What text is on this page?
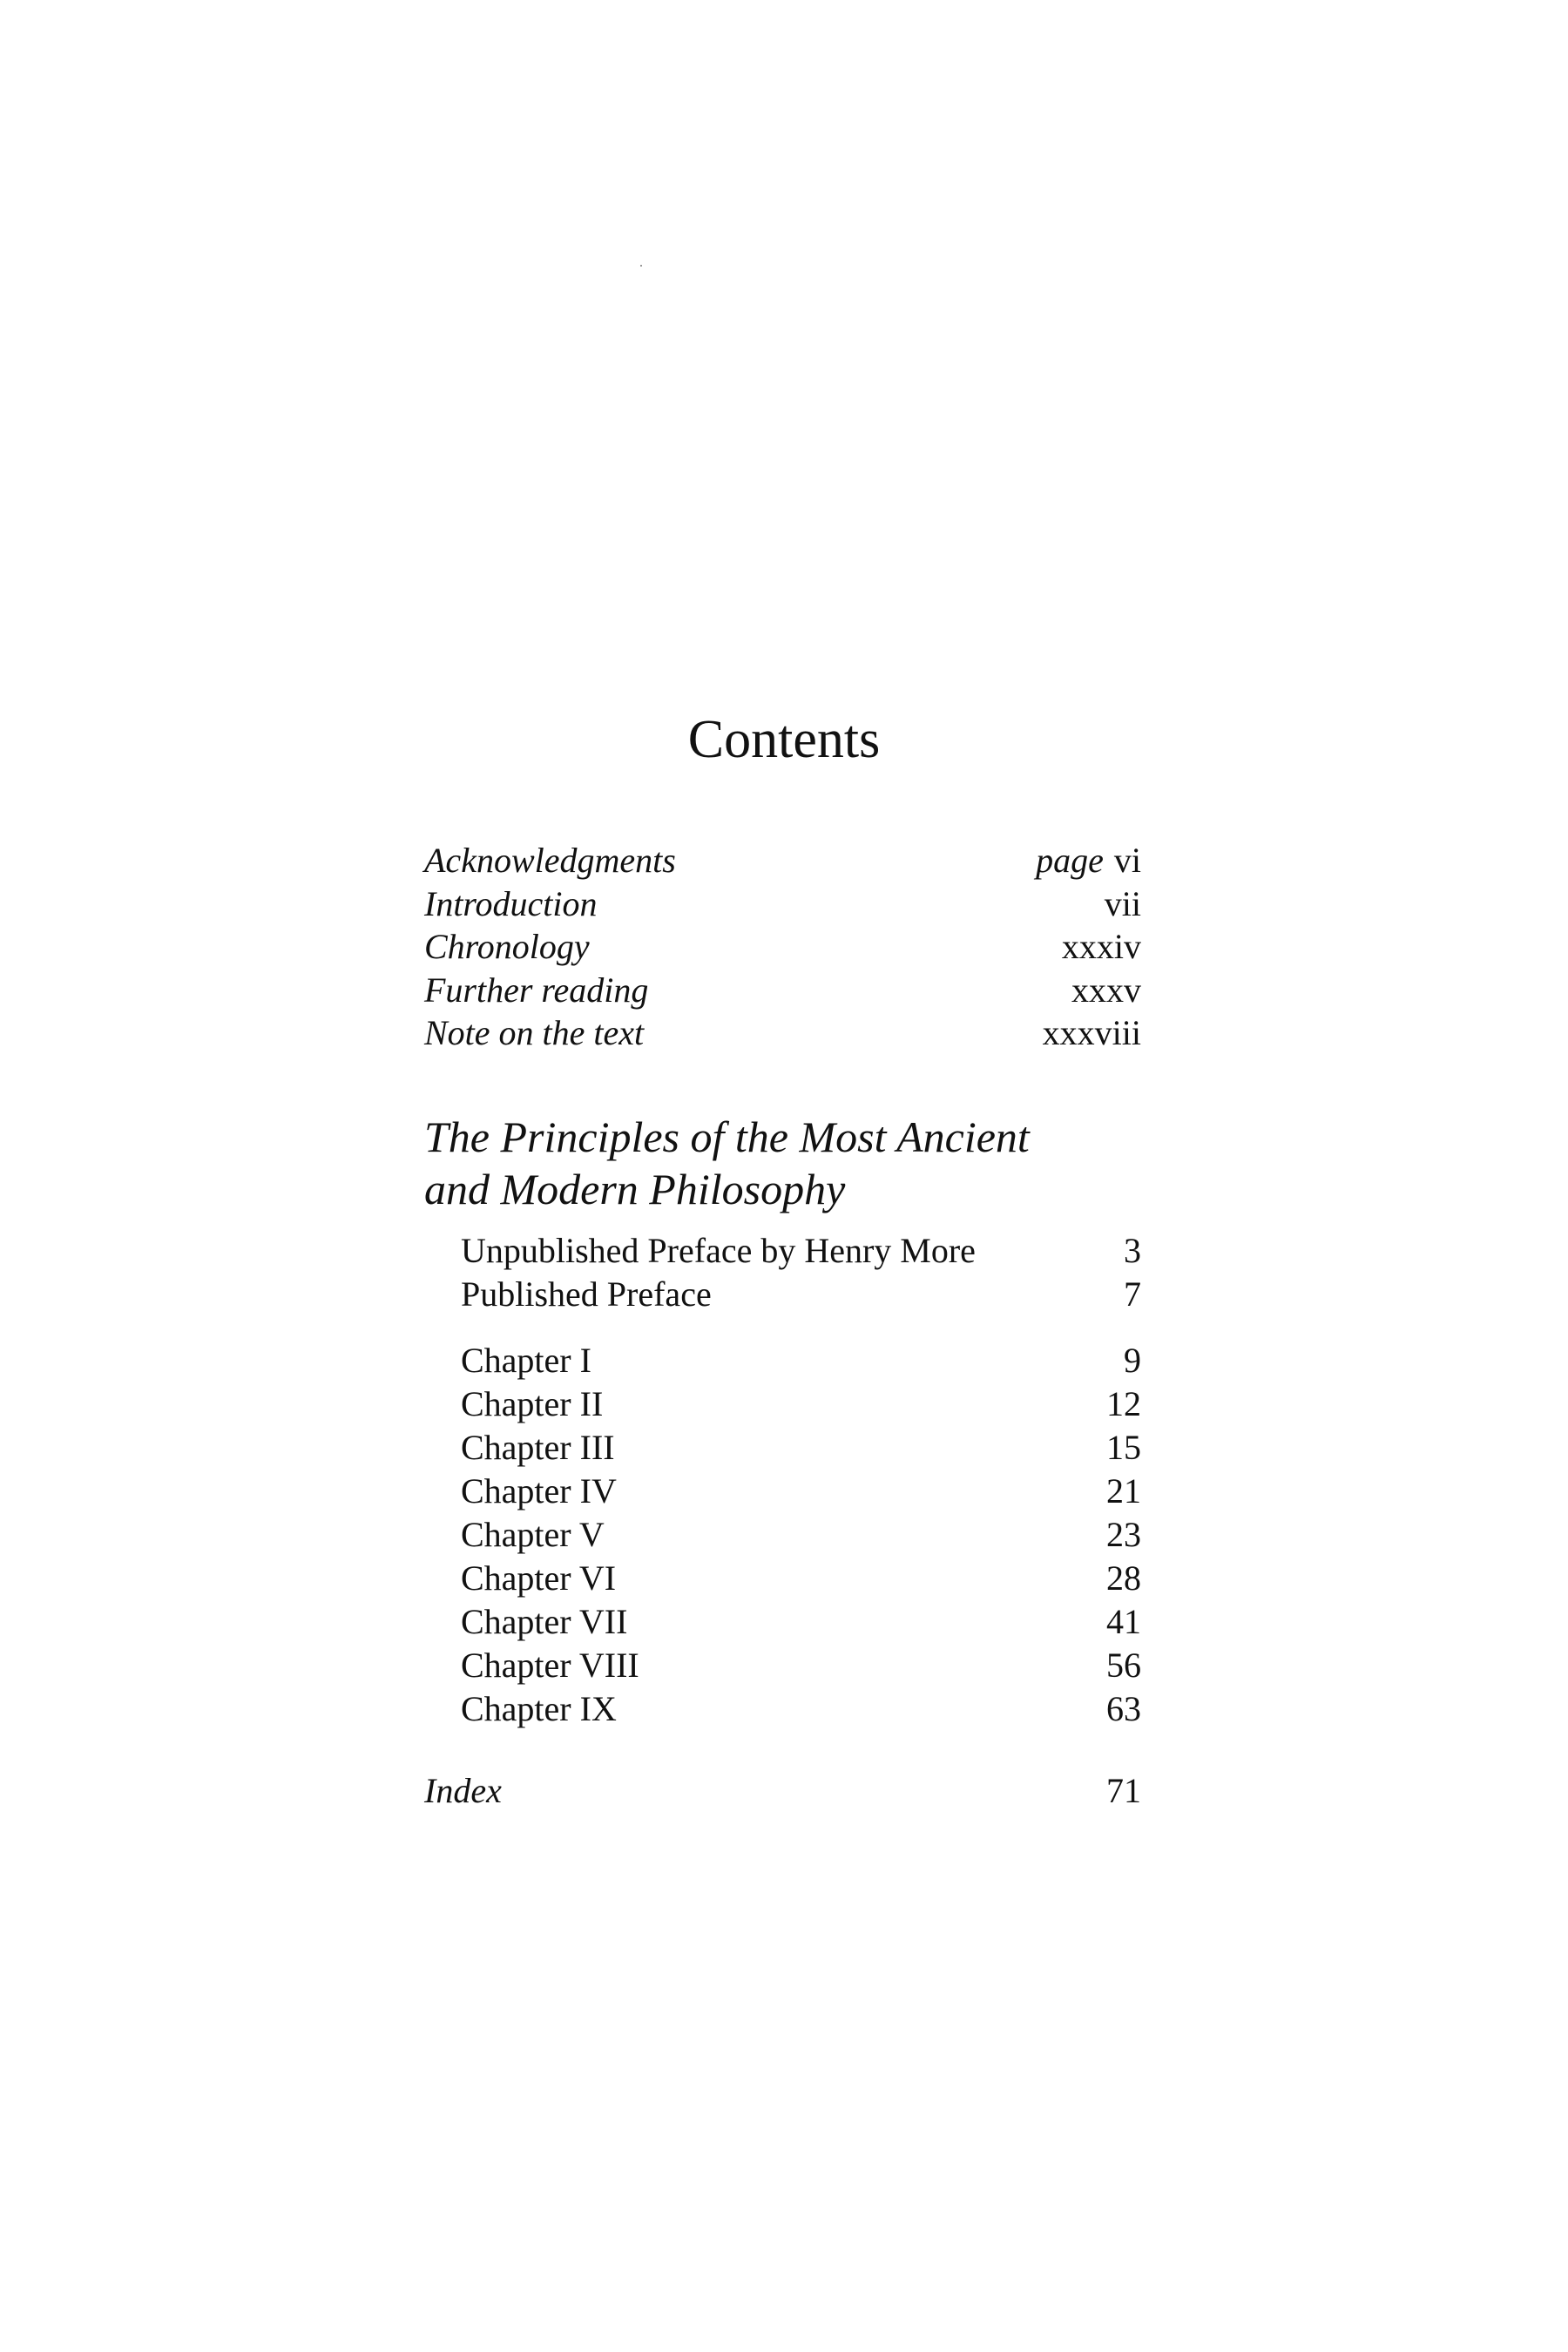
Contents
Acknowledgments	page vi
Introduction	vii
Chronology	xxxiv
Further reading	xxxv
Note on the text	xxxviii
The Principles of the Most Ancient
and Modern Philosophy
Unpublished Preface by Henry More	3
Published Preface	7
Chapter I	9
Chapter II	12
Chapter III	15
Chapter IV	21
Chapter V	23
Chapter VI	28
Chapter VII	41
Chapter VIII	56
Chapter IX	63
Index	71
